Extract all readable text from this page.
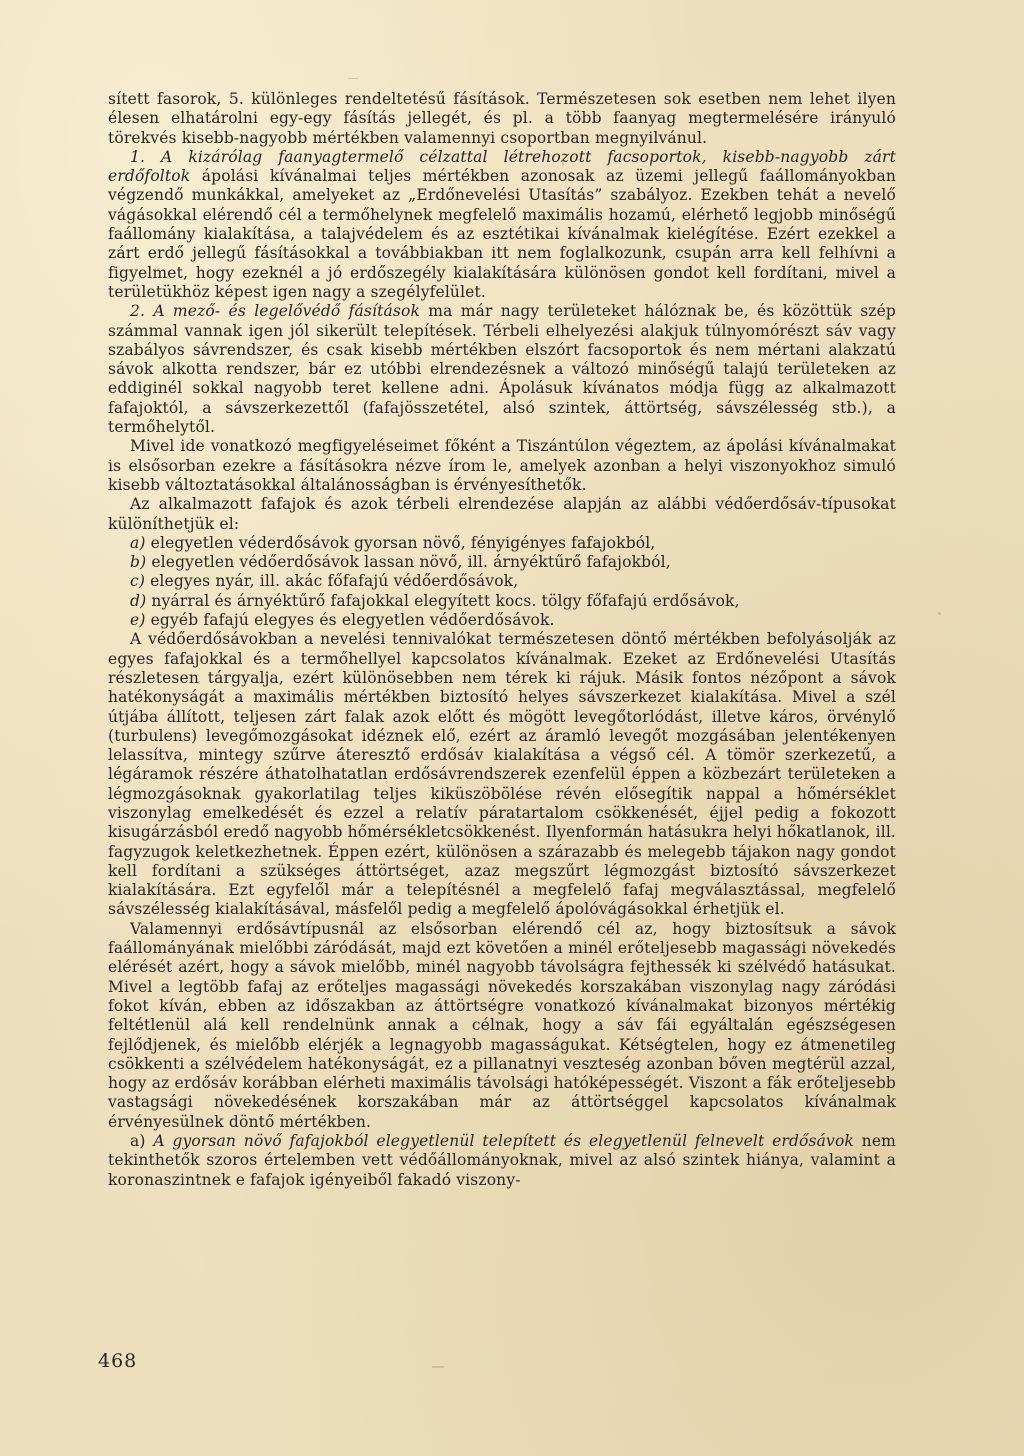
sített fasorok, 5. különleges rendeltetésű fásítások. Természetesen sok esetben nem lehet ilyen élesen elhatárolni egy-egy fásítás jellegét, és pl. a több faanyag megtermelésére irányuló törekvés kisebb-nagyobb mértékben valamennyi csoportban megnyilvánul.

1. A kizárólag faanyagtermelő célzattal létrehozott facsoportok, kisebb-nagyobb zárt erdőfoltok ápolási kívánalmai teljes mértékben azonosak az üzemi jellegű faállományokban végzendő munkákkal, amelyeket az „Erdőnevelési Utasítás” szabályoz. Ezekben tehát a nevelő vágásokkal elérendő cél a termőhelynek megfelelő maximális hozamú, elérhető legjobb minőségű faállomány kialakítása, a talajvédelem és az esztétikai kívánalmak kielégítése. Ezért ezekkel a zárt erdő jellegű fásításokkal a továbbiakban itt nem foglalkozunk, csupán arra kell felhívni a figyelmet, hogy ezeknél a jó erdőszegély kialakítására különösen gondot kell fordítani, mivel a területükhöz képest igen nagy a szegélyfelület.

2. A mező- és legelővédő fásítások ma már nagy területeket hálóznak be, és közöttük szép számmal vannak igen jól sikerült telepítések. Térbeli elhelyezési alakjuk túlnyomórészt sáv vagy szabályos sávrendszer, és csak kisebb mértékben elszórt facsoportok és nem mértani alakzatú sávok alkotta rendszer, bár ez utóbbi elrendezésnek a változó minőségű talajú területeken az eddiginél sokkal nagyobb teret kellene adni. Ápolásuk kívánatos módja függ az alkalmazott fafajoktól, a sávszerkezettől (fafajösszetétel, alsó szintek, áttörtség, sávszélesség stb.), a termőhelytől.

Mivel ide vonatkozó megfigyeléseimet főként a Tiszántúlon végeztem, az ápolási kívánalmakat is elsősorban ezekre a fásításokra nézve írom le, amelyek azonban a helyi viszonyokhoz simuló kisebb változtatásokkal általánosságban is érvényesíthetők.

Az alkalmazott fafajok és azok térbeli elrendezése alapján az alábbi védőerdősáv-típusokat különíthetjük el:

a) elegyetlen véderdősávok gyorsan növő, fényigényes fafajokból,

b) elegyetlen védőerdősávok lassan növő, ill. árnyéktűrő fafajokból,

c) elegyes nyár, ill. akác főfafajú védőerdősávok,

d) nyárral és árnyéktűrő fafajokkal elegyített kocs. tölgy főfafajú erdősávok,

e) egyéb fafajú elegyes és elegyetlen védőerdősávok.

A védőerdősávokban a nevelési tennivalókat természetesen döntő mértékben befolyásolják az egyes fafajokkal és a termőhellyel kapcsolatos kívánalmak. Ezeket az Erdőnevelési Utasítás részletesen tárgyalja, ezért különösebben nem térek ki rájuk. Másik fontos nézőpont a sávok hatékonyságát a maximális mértékben biztosító helyes sávszerkezet kialakítása. Mivel a szél útjába állított, teljesen zárt falak azok előtt és mögött levegőtorlódást, illetve káros, örvénylő (turbulens) levegőmozgásokat idéznek elő, ezért az áramló levegőt mozgásában jelentékenyen lelassítva, mintegy szűrve áteresztő erdősáv kialakítása a végső cél. A tömör szerkezetű, a légáramok részére áthatolhatatlan erdősávrendszerek ezenfelül éppen a közbezárt területeken a légmozgásoknak gyakorlatilag teljes kiküszöbölése révén elősegítik nappal a hőmérséklet viszonylag emelkedését és ezzel a relatív páratartalom csökkenését, éjjel pedig a fokozott kisugárzásból eredő nagyobb hőmérsékletcsökkenést. Ilyenformán hatásukra helyi hőkatlanok, ill. fagyzugok keletkezhetnek. Éppen ezért, különösen a szárazabb és melegebb tájakon nagy gondot kell fordítani a szükséges áttörtséget, azaz megszűrt légmozgást biztosító sávszerkezet kialakítására. Ezt egyfelől már a telepítésnél a megfelelő fafaj megválasztással, megfelelő sávszélesség kialakításával, másfelől pedig a megfelelő ápolóvágásokkal érhetjük el.

Valamennyi erdősávtípusnál az elsősorban elérendő cél az, hogy biztosítsuk a sávok faállományának mielőbbi záródását, majd ezt követően a minél erőteljesebb magassági növekedés elérését azért, hogy a sávok mielőbb, minél nagyobb távolságra fejthessék ki szélvédő hatásukat. Mivel a legtöbb fafaj az erőteljes magassági növekedés korszakában viszonylag nagy záródási fokot kíván, ebben az időszakban az áttörtségre vonatkozó kívánalmakat bizonyos mértékig feltétlenül alá kell rendelnünk annak a célnak, hogy a sáv fái egyáltalán egészségesen fejlődjenek, és mielőbb elérjék a legnagyobb magasságukat. Kétségtelen, hogy ez átmenetileg csökkenti a szélvédelem hatékonyságát, ez a pillanatnyi veszteség azonban bőven megtérül azzal, hogy az erdősáv korábban elérheti maximális távolsági hatóképességét. Viszont a fák erőteljesebb vastagsági növekedésének korszakában már az áttörtséggel kapcsolatos kívánalmak érvényesülnek döntő mértékben.

a) A gyorsan növő fafajokból elegyetlenül telepített és elegyetlenül felnevelt erdősávok nem tekinthetők szoros értelemben vett védőállományoknak, mivel az alsó szintek hiánya, valamint a koronaszintnek e fafajok igényeiből fakadó viszony-

468
